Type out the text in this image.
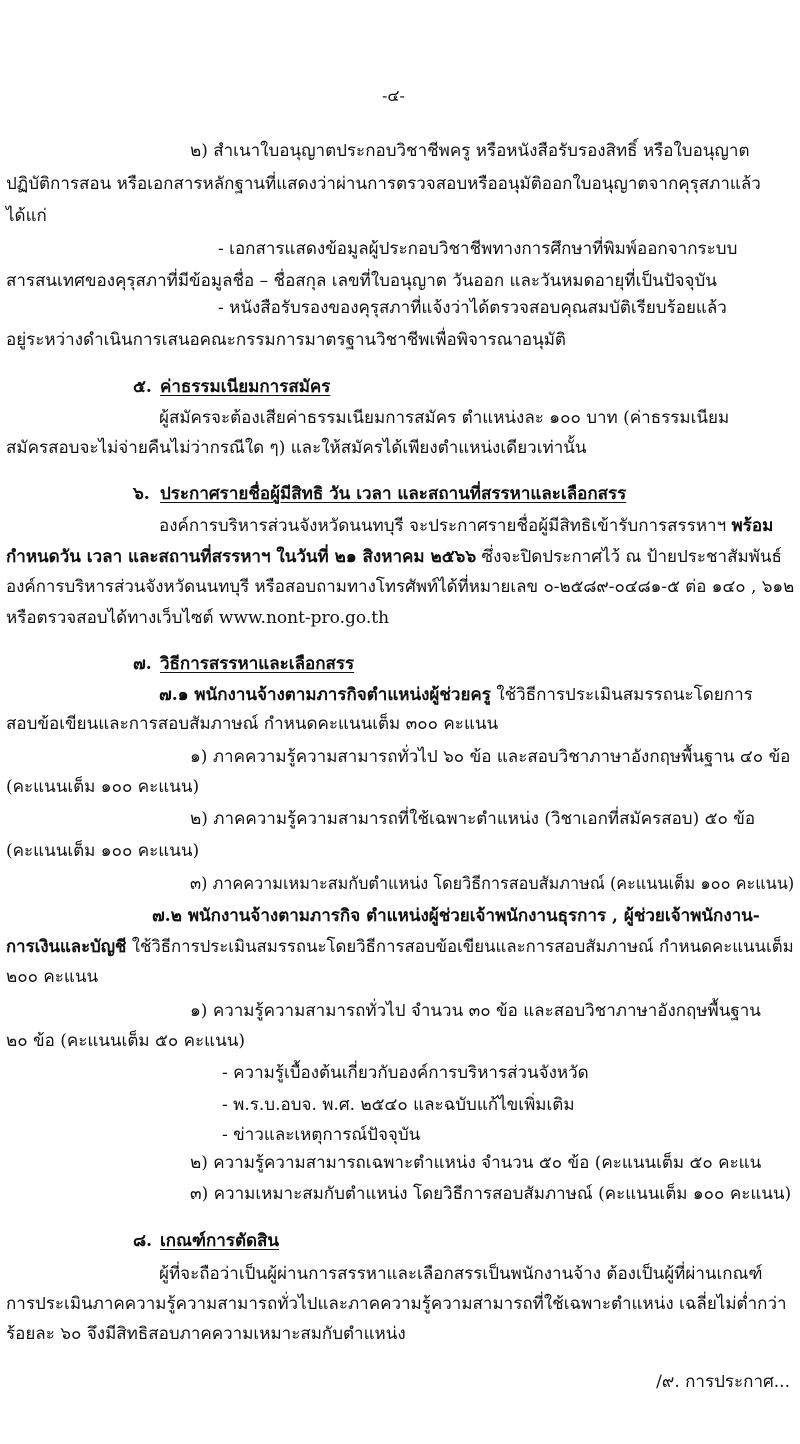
-๔-
๒) สำเนาใบอนุญาตประกอบวิชาชีพครู หรือหนังสือรับรองสิทธิ์ หรือใบอนุญาต
ปฏิบัติการสอน หรือเอกสารหลักฐานที่แสดงว่าผ่านการตรวจสอบหรืออนุมัติออกใบอนุญาตจากคุรุสภาแล้ว
ได้แก่
- เอกสารแสดงข้อมูลผู้ประกอบวิชาชีพทางการศึกษาที่พิมพ์ออกจากระบบ
สารสนเทศของคุรุสภาที่มีข้อมูลชื่อ – ชื่อสกุล เลขที่ใบอนุญาต วันออก และวันหมดอายุที่เป็นปัจจุบัน
- หนังสือรับรองของคุรุสภาที่แจ้งว่าได้ตรวจสอบคุณสมบัติเรียบร้อยแล้ว
อยู่ระหว่างดำเนินการเสนอคณะกรรมการมาตรฐานวิชาชีพเพื่อพิจารณาอนุมัติ
๕. ค่าธรรมเนียมการสมัคร
ผู้สมัครจะต้องเสียค่าธรรมเนียมการสมัคร ตำแหน่งละ ๑๐๐ บาท (ค่าธรรมเนียม
สมัครสอบจะไม่จ่ายคืนไม่ว่ากรณีใด ๆ) และให้สมัครได้เพียงตำแหน่งเดียวเท่านั้น
๖. ประกาศรายชื่อผู้มีสิทธิ วัน เวลา และสถานที่สรรหาและเลือกสรร
องค์การบริหารส่วนจังหวัดนนทบุรี จะประกาศรายชื่อผู้มีสิทธิเข้ารับการสรรหาฯ พร้อม
กำหนดวัน เวลา และสถานที่สรรหาฯ ในวันที่ ๒๑ สิงหาคม ๒๕๖๖ ซึ่งจะปิดประกาศไว้ ณ ป้ายประชาสัมพันธ์
องค์การบริหารส่วนจังหวัดนนทบุรี หรือสอบถามทางโทรศัพท์ได้ที่หมายเลข ๐-๒๕๘๙-๐๔๘๑-๕ ต่อ ๑๔๐ , ๖๑๒
หรือตรวจสอบได้ทางเว็บไซต์ www.nont-pro.go.th
๗. วิธีการสรรหาและเลือกสรร
๗.๑ พนักงานจ้างตามภารกิจตำแหน่งผู้ช่วยครู ใช้วิธีการประเมินสมรรถนะโดยการ
สอบข้อเขียนและการสอบสัมภาษณ์ กำหนดคะแนนเต็ม ๓๐๐ คะแนน
๑) ภาคความรู้ความสามารถทั่วไป ๖๐ ข้อ และสอบวิชาภาษาอังกฤษพื้นฐาน ๔๐ ข้อ
(คะแนนเต็ม ๑๐๐ คะแนน)
๒) ภาคความรู้ความสามารถที่ใช้เฉพาะตำแหน่ง (วิชาเอกที่สมัครสอบ) ๕๐ ข้อ
(คะแนนเต็ม ๑๐๐ คะแนน)
๓) ภาคความเหมาะสมกับตำแหน่ง โดยวิธีการสอบสัมภาษณ์ (คะแนนเต็ม ๑๐๐ คะแนน)
๗.๒ พนักงานจ้างตามภารกิจ ตำแหน่งผู้ช่วยเจ้าพนักงานธุรการ , ผู้ช่วยเจ้าพนักงาน-
การเงินและบัญชี ใช้วิธีการประเมินสมรรถนะโดยวิธีการสอบข้อเขียนและการสอบสัมภาษณ์ กำหนดคะแนนเต็ม
๒๐๐ คะแนน
๑) ความรู้ความสามารถทั่วไป จำนวน ๓๐ ข้อ และสอบวิชาภาษาอังกฤษพื้นฐาน
๒๐ ข้อ (คะแนนเต็ม ๕๐ คะแนน)
- ความรู้เบื้องต้นเกี่ยวกับองค์การบริหารส่วนจังหวัด
- พ.ร.บ.อบจ. พ.ศ. ๒๕๔๐ และฉบับแก้ไขเพิ่มเติม
- ข่าวและเหตุการณ์ปัจจุบัน
๒) ความรู้ความสามารถเฉพาะตำแหน่ง จำนวน ๕๐ ข้อ (คะแนนเต็ม ๕๐ คะแน
๓) ความเหมาะสมกับตำแหน่ง โดยวิธีการสอบสัมภาษณ์ (คะแนนเต็ม ๑๐๐ คะแนน)
๘. เกณฑ์การตัดสิน
ผู้ที่จะถือว่าเป็นผู้ผ่านการสรรหาและเลือกสรรเป็นพนักงานจ้าง ต้องเป็นผู้ที่ผ่านเกณฑ์
การประเมินภาคความรู้ความสามารถทั่วไปและภาคความรู้ความสามารถที่ใช้เฉพาะตำแหน่ง เฉลี่ยไม่ต่ำกว่า
ร้อยละ ๖๐ จึงมีสิทธิสอบภาคความเหมาะสมกับตำแหน่ง
/๙. การประกาศ...
